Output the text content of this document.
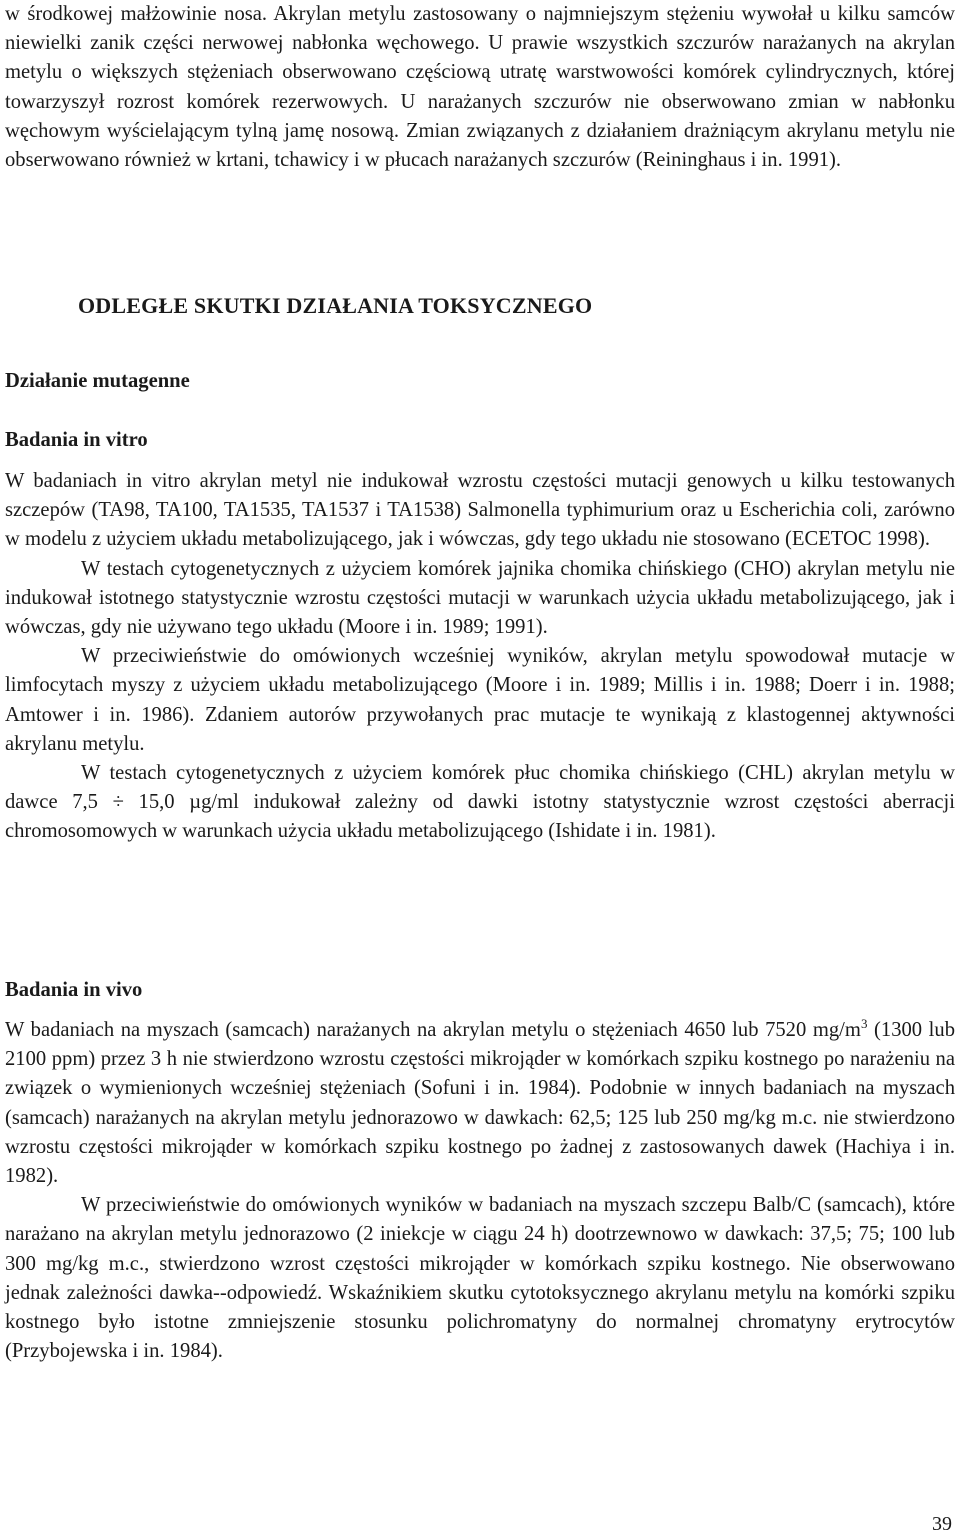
w środkowej małżowinie nosa. Akrylan metylu zastosowany o najmniejszym stężeniu wywołał u kilku samców niewielki zanik części nerwowej nabłonka węchowego. U prawie wszystkich szczurów narażanych na akrylan metylu o większych stężeniach obserwowano częściową utratę warstwowości komórek cylindrycznych, której towarzyszył rozrost komórek rezerwowych. U narażanych szczurów nie obserwowano zmian w nabłonku węchowym wyścielającym tylną jamę nosową. Zmian związanych z działaniem drażniącym akrylanu metylu nie obserwowano również w krtani, tchawicy i w płucach narażanych szczurów (Reininghaus i in. 1991).

ODLEGŁE SKUTKI DZIAŁANIA TOKSYCZNEGO

Działanie mutagenne

Badania in vitro

W badaniach in vitro akrylan metyl nie indukował wzrostu częstości mutacji genowych u kilku testowanych szczepów (TA98, TA100, TA1535, TA1537 i TA1538) Salmonella typhimurium oraz u Escherichia coli, zarówno w modelu z użyciem układu metabolizującego, jak i wówczas, gdy tego układu nie stosowano (ECETOC 1998).

W testach cytogenetycznych z użyciem komórek jajnika chomika chińskiego (CHO) akrylan metylu nie indukował istotnego statystycznie wzrostu częstości mutacji w warunkach użycia układu metabolizującego, jak i wówczas, gdy nie używano tego układu (Moore i in. 1989; 1991).

W przeciwieństwie do omówionych wcześniej wyników, akrylan metylu spowodował mutacje w limfocytach myszy z użyciem układu metabolizującego (Moore i in. 1989; Millis i in. 1988; Doerr i in. 1988; Amtower i in. 1986). Zdaniem autorów przywołanych prac mutacje te wynikają z klastogennej aktywności akrylanu metylu.

W testach cytogenetycznych z użyciem komórek płuc chomika chińskiego (CHL) akrylan metylu w dawce 7,5 ÷ 15,0 µg/ml indukował zależny od dawki istotny statystycznie wzrost częstości aberracji chromosomowych w warunkach użycia układu metabolizującego (Ishidate i in. 1981).

Badania in vivo

W badaniach na myszach (samcach) narażanych na akrylan metylu o stężeniach 4650 lub 7520 $mg/m^3$ (1300 lub 2100 ppm) przez 3 h nie stwierdzono wzrostu częstości mikrojąder w komórkach szpiku kostnego po narażeniu na związek o wymienionych wcześniej stężeniach (Sofuni i in. 1984). Podobnie w innych badaniach na myszach (samcach) narażanych na akrylan metylu jednorazowo w dawkach: 62,5; 125 lub 250 mg/kg m.c. nie stwierdzono wzrostu częstości mikrojąder w komórkach szpiku kostnego po żadnej z zastosowanych dawek (Hachiya i in. 1982).

W przeciwieństwie do omówionych wyników w badaniach na myszach szczepu Balb/C (samcach), które narażano na akrylan metylu jednorazowo (2 iniekcje w ciągu 24 h) dootrzewnowo w dawkach: 37,5; 75; 100 lub 300 mg/kg m.c., stwierdzono wzrost częstości mikrojąder w komórkach szpiku kostnego. Nie obserwowano jednak zależności dawka--odpowiedź. Wskaźnikiem skutku cytotoksycznego akrylanu metylu na komórki szpiku kostnego było istotne zmniejszenie stosunku polichromatyny do normalnej chromatyny erytrocytów (Przybojewska i in. 1984).

39
